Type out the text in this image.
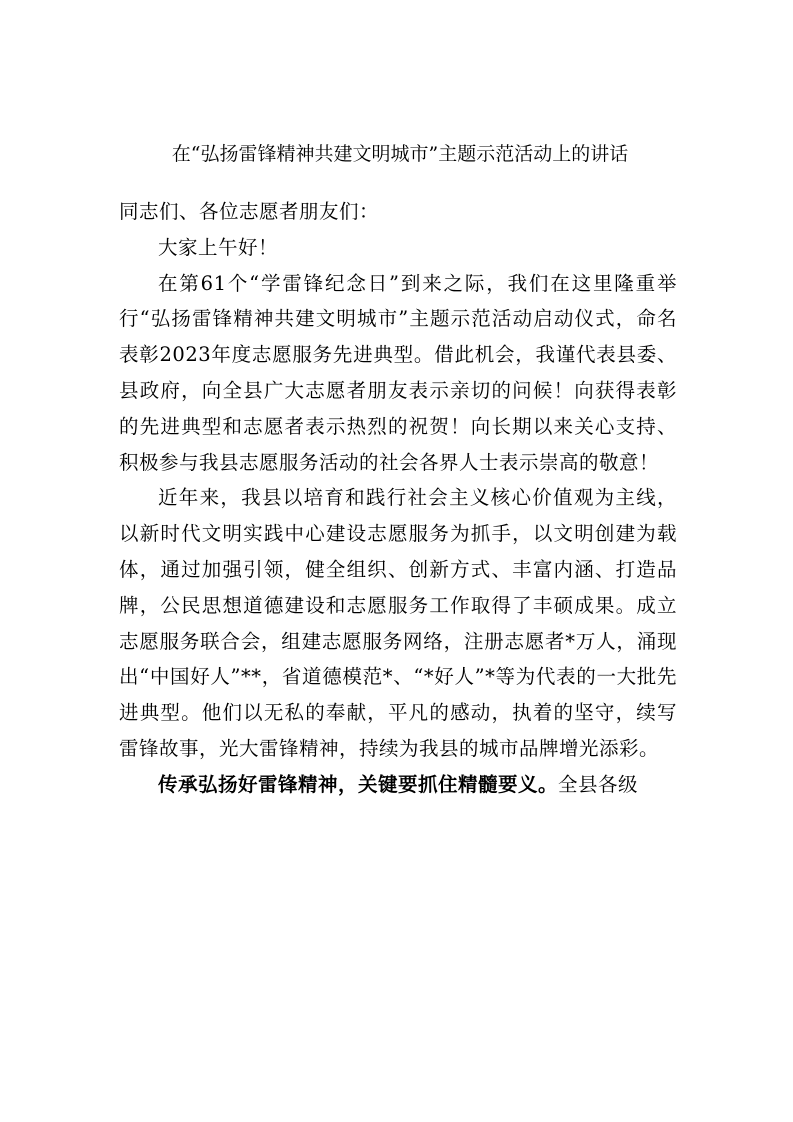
在“弘扬雷锋精神共建文明城市”主题示范活动上的讲话

同志们、各位志愿者朋友们：

大家上午好！

在第61个“学雷锋纪念日”到来之际，我们在这里隆重举行“弘扬雷锋精神共建文明城市”主题示范活动启动仪式，命名表彰2023年度志愿服务先进典型。借此机会，我谨代表县委、县政府，向全县广大志愿者朋友表示亲切的问候！向获得表彰的先进典型和志愿者表示热烈的祝贺！向长期以来关心支持、积极参与我县志愿服务活动的社会各界人士表示崇高的敬意！

近年来，我县以培育和践行社会主义核心价值观为主线，以新时代文明实践中心建设志愿服务为抓手，以文明创建为载体，通过加强引领，健全组织、创新方式、丰富内涵、打造品牌，公民思想道德建设和志愿服务工作取得了丰硕成果。成立志愿服务联合会，组建志愿服务网络，注册志愿者*万人，涌现出“中国好人”**，省道德模范*、“*好人”*等为代表的一大批先进典型。他们以无私的奉献，平凡的感动，执着的坚守，续写雷锋故事，光大雷锋精神，持续为我县的城市品牌增光添彩。

传承弘扬好雷锋精神，关键要抓住精髓要义。全县各级
